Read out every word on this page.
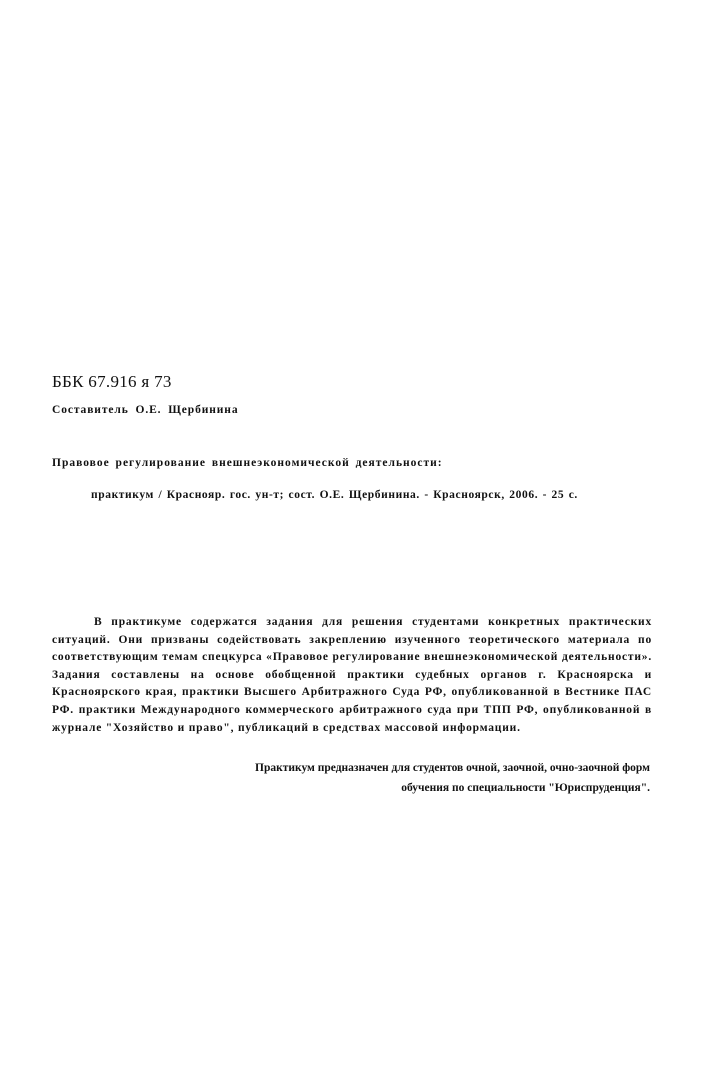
ББК 67.916 я 73
Составитель О.Е. Щербинина
Правовое регулирование внешнеэкономической деятельности:
практикум / Краснояр. гос. ун-т; сост. О.Е. Щербинина. - Красноярск, 2006. - 25 с.

В практикуме содержатся задания для решения студентами конкретных практических ситуаций. Они призваны содействовать закреплению изученного теоретического материала по соответствующим темам спецкурса «Правовое регулирование внешнеэкономической деятельности». Задания составлены на основе обобщенной практики судебных органов г. Красноярска и Красноярского края, практики Высшего Арбитражного Суда РФ, опубликованной в Вестнике ПАС РФ. практики Международного коммерческого арбитражного суда при ТПП РФ, опубликованной в журнале "Хозяйство и право", публикаций в средствах массовой информации.

Практикум предназначен для студентов очной, заочной, очно-заочной форм
обучения по специальности "Юриспруденция".
